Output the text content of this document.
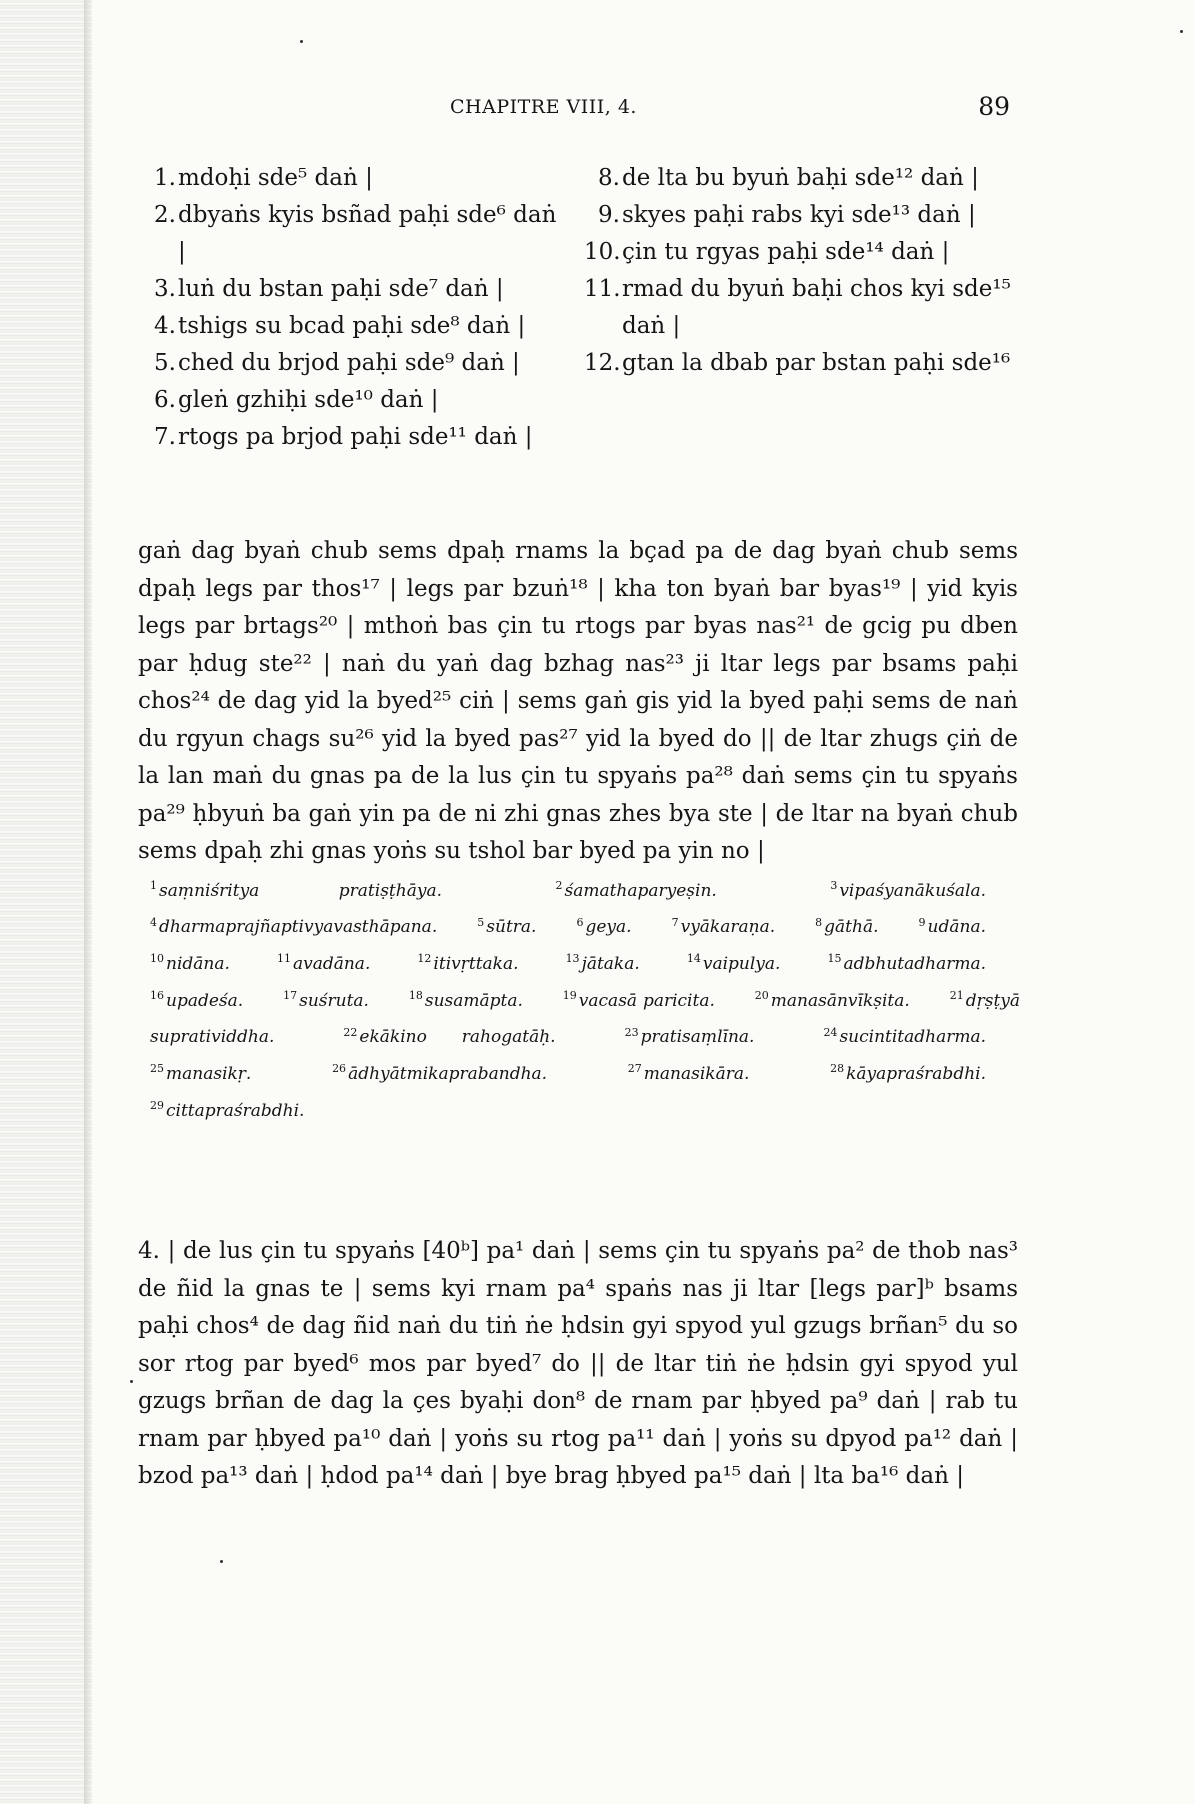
CHAPITRE VIII, 4.	89
1. mdoḥi sde⁵ daṅ |
2. dbyaṅs kyis bsñad paḥi sde⁶ daṅ |
3. luṅ du bstan paḥi sde⁷ daṅ |
4. tshigs su bcad paḥi sde⁸ daṅ |
5. ched du brjod paḥi sde⁹ daṅ |
6. gleṅ gzhiḥi sde¹⁰ daṅ |
7. rtogs pa brjod paḥi sde¹¹ daṅ |
8. de lta bu byuṅ baḥi sde¹² daṅ |
9. skyes paḥi rabs kyi sde¹³ daṅ |
10. çin tu rgyas paḥi sde¹⁴ daṅ |
11. rmad du byuṅ baḥi chos kyi sde¹⁵ daṅ |
12. gtan la dbab par bstan paḥi sde¹⁶

gaṅ dag byaṅ chub sems dpaḥ rnams la bçad pa de dag byaṅ chub sems dpaḥ legs par thos¹⁷ | legs par bzuṅ¹⁸ | kha ton byaṅ bar byas¹⁹ | yid kyis legs par brtags²⁰ | mthoṅ bas çin tu rtogs par byas nas²¹ de gcig pu dben par ḥdug ste²² | naṅ du yaṅ dag bzhag nas²³ ji ltar legs par bsams paḥi chos²⁴ de dag yid la byed²⁵ ciṅ | sems gaṅ gis yid la byed paḥi sems de naṅ du rgyun chags su²⁶ yid la byed pas²⁷ yid la byed do || de ltar zhugs çiṅ de la lan maṅ du gnas pa de la lus çin tu spyaṅs pa²⁸ daṅ sems çin tu spyaṅs pa²⁹ ḥbyuṅ ba gaṅ yin pa de ni zhi gnas zhes bya ste | de ltar na byaṅ chub sems dpaḥ zhi gnas yoṅs su tshol bar byed pa yin no |

$^1$ saṃniśritya pratiṣṭhāya.  	$^2$ śamathaparyeṣin.  	$^3$ vipaśyanākuśala.   $^4$ dharmaprajñaptivyavasthāpana.  	$^5$ sūtra.  	$^6$ geya.  	$^7$ vyākaraṇa.  	$^8$ gāthā.  	$^9$ udāna.   $^{10}$ nidāna.  	$^{11}$ avadāna.  	$^{12}$ itivṛttaka.  	$^{13}$ jātaka.  	$^{14}$ vaipulya.  	$^{15}$ adbhutadharma.   $^{16}$ upadeśa.  	$^{17}$ suśruta.  	$^{18}$ susamāpta.  	$^{19}$ vacasā paricita.  	$^{20}$ manasānvīkṣita.  	$^{21}$ dṛṣṭyā supratividdha.  	$^{22}$ ekākino rahogatāḥ.  	$^{23}$ pratisaṃlīna.  	$^{24}$ sucintitadharma.   $^{25}$ manasikṛ.  	$^{26}$ ādhyātmikaprabandha.  	$^{27}$ manasikāra.  	$^{28}$ kāyapraśrabdhi.   $^{29}$ cittapraśrabdhi.  

4. | de lus çin tu spyaṅs [40ᵇ] pa¹ daṅ | sems çin tu spyaṅs pa² de thob nas³ de ñid la gnas te | sems kyi rnam pa⁴ spaṅs nas ji ltar [legs par]ᵇ bsams paḥi chos⁴ de dag ñid naṅ du tiṅ ṅe ḥdsin gyi spyod yul gzugs brñan⁵ du so sor rtog par byed⁶ mos par byed⁷ do || de ltar tiṅ ṅe ḥdsin gyi spyod yul gzugs brñan de dag la çes byaḥi don⁸ de rnam par ḥbyed pa⁹ daṅ | rab tu rnam par ḥbyed pa¹⁰ daṅ | yoṅs su rtog pa¹¹ daṅ | yoṅs su dpyod pa¹² daṅ | bzod pa¹³ daṅ | ḥdod pa¹⁴ daṅ | bye brag ḥbyed pa¹⁵ daṅ | lta ba¹⁶ daṅ |
